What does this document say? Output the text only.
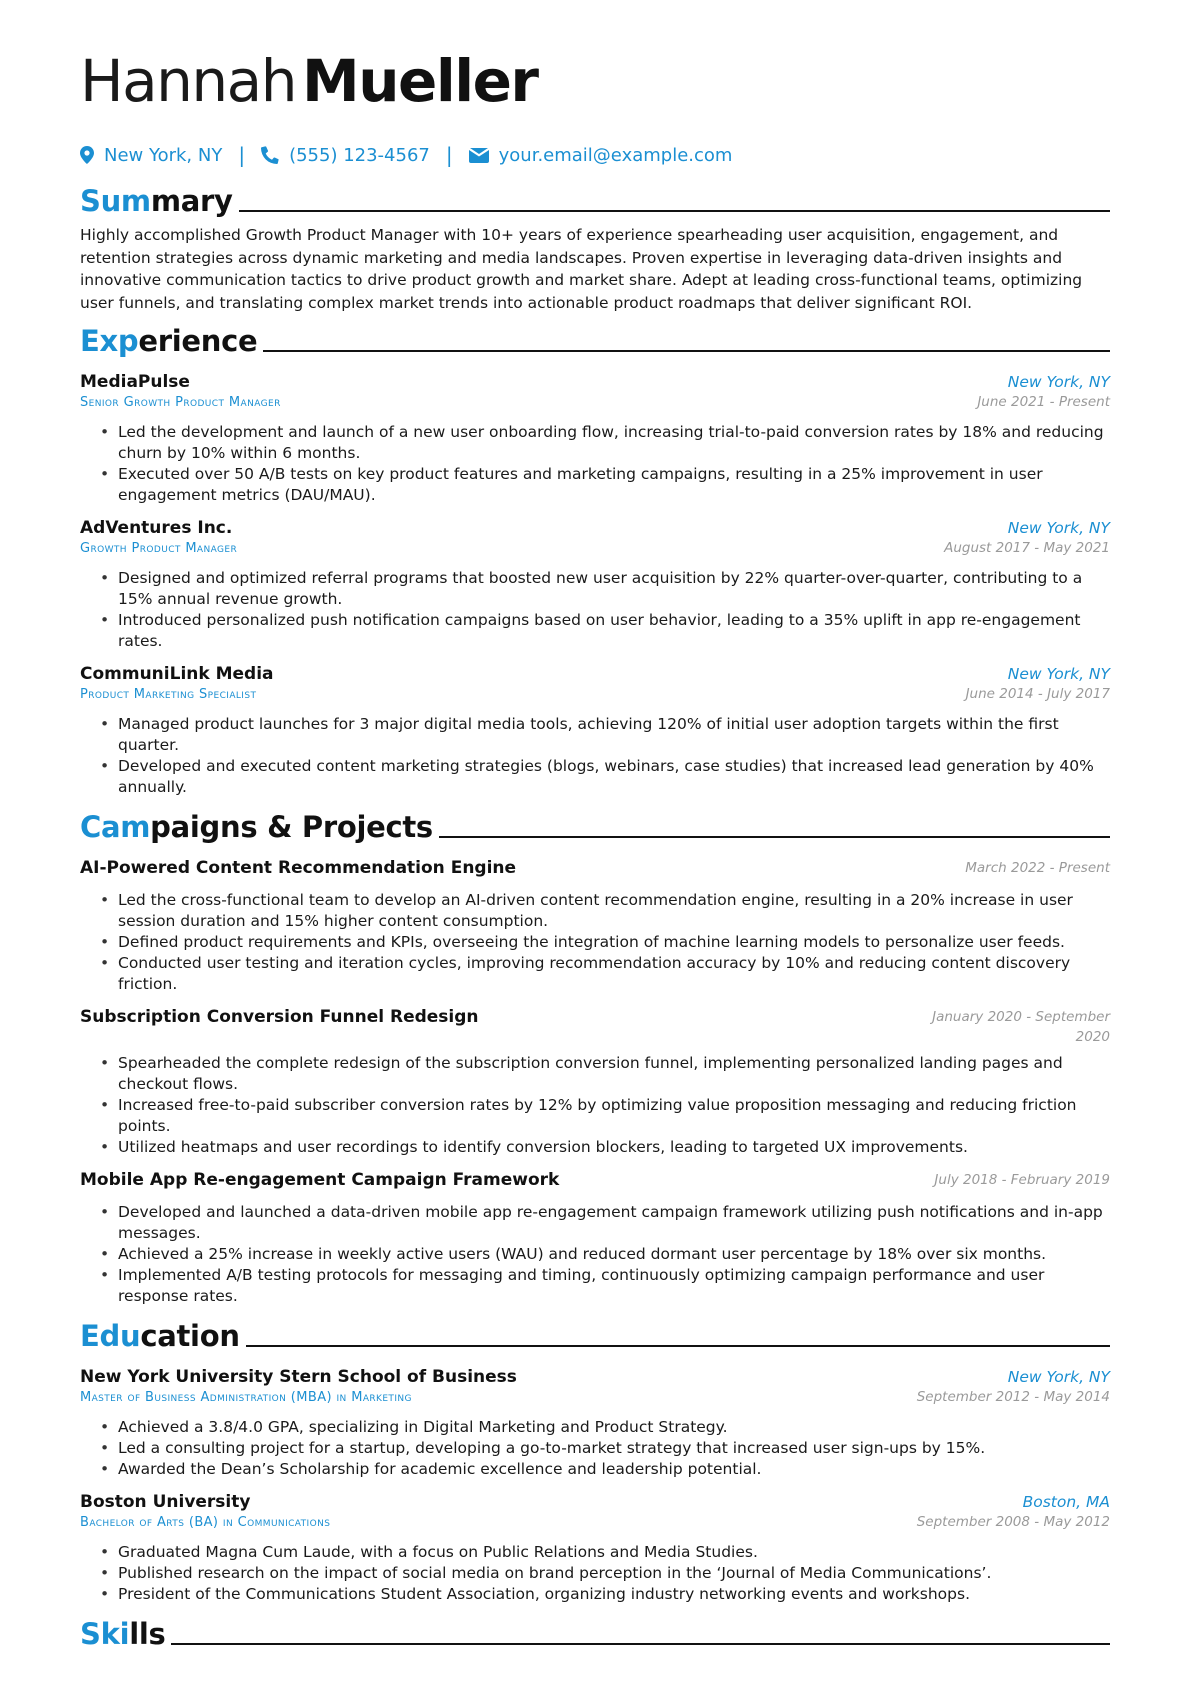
Hannah Mueller
New York, NY | (555) 123-4567 |	your.email@example.com
Summary

Highly accomplished Growth Product Manager with 10+ years of experience spearheading user acquisition, engagement, and retention strategies across dynamic marketing and media landscapes. Proven expertise in leveraging data-driven insights and innovative communication tactics to drive product growth and market share. Adept at leading cross-functional teams, optimizing user funnels, and translating complex market trends into actionable product roadmaps that deliver significant ROI.

Experience
MediaPulse	New York, NY
Senior Growth Product Manager	June 2021 - Present
• Led the development and launch of a new user onboarding flow, increasing trial-to-paid conversion rates by 18% and reducing churn by 10% within 6 months.
• Executed over 50 A/B tests on key product features and marketing campaigns, resulting in a 25% improvement in user engagement metrics (DAU/MAU).
AdVentures Inc.	New York, NY
Growth Product Manager	August 2017 - May 2021
• Designed and optimized referral programs that boosted new user acquisition by 22% quarter-over-quarter, contributing to a 15% annual revenue growth.
• Introduced personalized push notification campaigns based on user behavior, leading to a 35% uplift in app re-engagement rates.
CommuniLink Media	New York, NY
Product Marketing Specialist	June 2014 - July 2017
• Managed product launches for 3 major digital media tools, achieving 120% of initial user adoption targets within the first quarter.
• Developed and executed content marketing strategies (blogs, webinars, case studies) that increased lead generation by 40% annually.
Campaigns & Projects
AI-Powered Content Recommendation Engine	March 2022 - Present
• Led the cross-functional team to develop an AI-driven content recommendation engine, resulting in a 20% increase in user session duration and 15% higher content consumption.
• Defined product requirements and KPIs, overseeing the integration of machine learning models to personalize user feeds.
• Conducted user testing and iteration cycles, improving recommendation accuracy by 10% and reducing content discovery friction.
Subscription Conversion Funnel Redesign	January 2020 - September 2020
• Spearheaded the complete redesign of the subscription conversion funnel, implementing personalized landing pages and checkout flows.
• Increased free-to-paid subscriber conversion rates by 12% by optimizing value proposition messaging and reducing friction points.
• Utilized heatmaps and user recordings to identify conversion blockers, leading to targeted UX improvements.
Mobile App Re-engagement Campaign Framework	July 2018 - February 2019
• Developed and launched a data-driven mobile app re-engagement campaign framework utilizing push notifications and in-app messages.
• Achieved a 25% increase in weekly active users (WAU) and reduced dormant user percentage by 18% over six months.
• Implemented A/B testing protocols for messaging and timing, continuously optimizing campaign performance and user response rates.
Education
New York University Stern School of Business	New York, NY
Master of Business Administration (MBA) in Marketing	September 2012 - May 2014
• Achieved a 3.8/4.0 GPA, specializing in Digital Marketing and Product Strategy.
• Led a consulting project for a startup, developing a go-to-market strategy that increased user sign-ups by 15%.
• Awarded the Dean’s Scholarship for academic excellence and leadership potential.
Boston University	Boston, MA
Bachelor of Arts (BA) in Communications	September 2008 - May 2012
• Graduated Magna Cum Laude, with a focus on Public Relations and Media Studies.
• Published research on the impact of social media on brand perception in the ‘Journal of Media Communications’.
• President of the Communications Student Association, organizing industry networking events and workshops.
Skills
